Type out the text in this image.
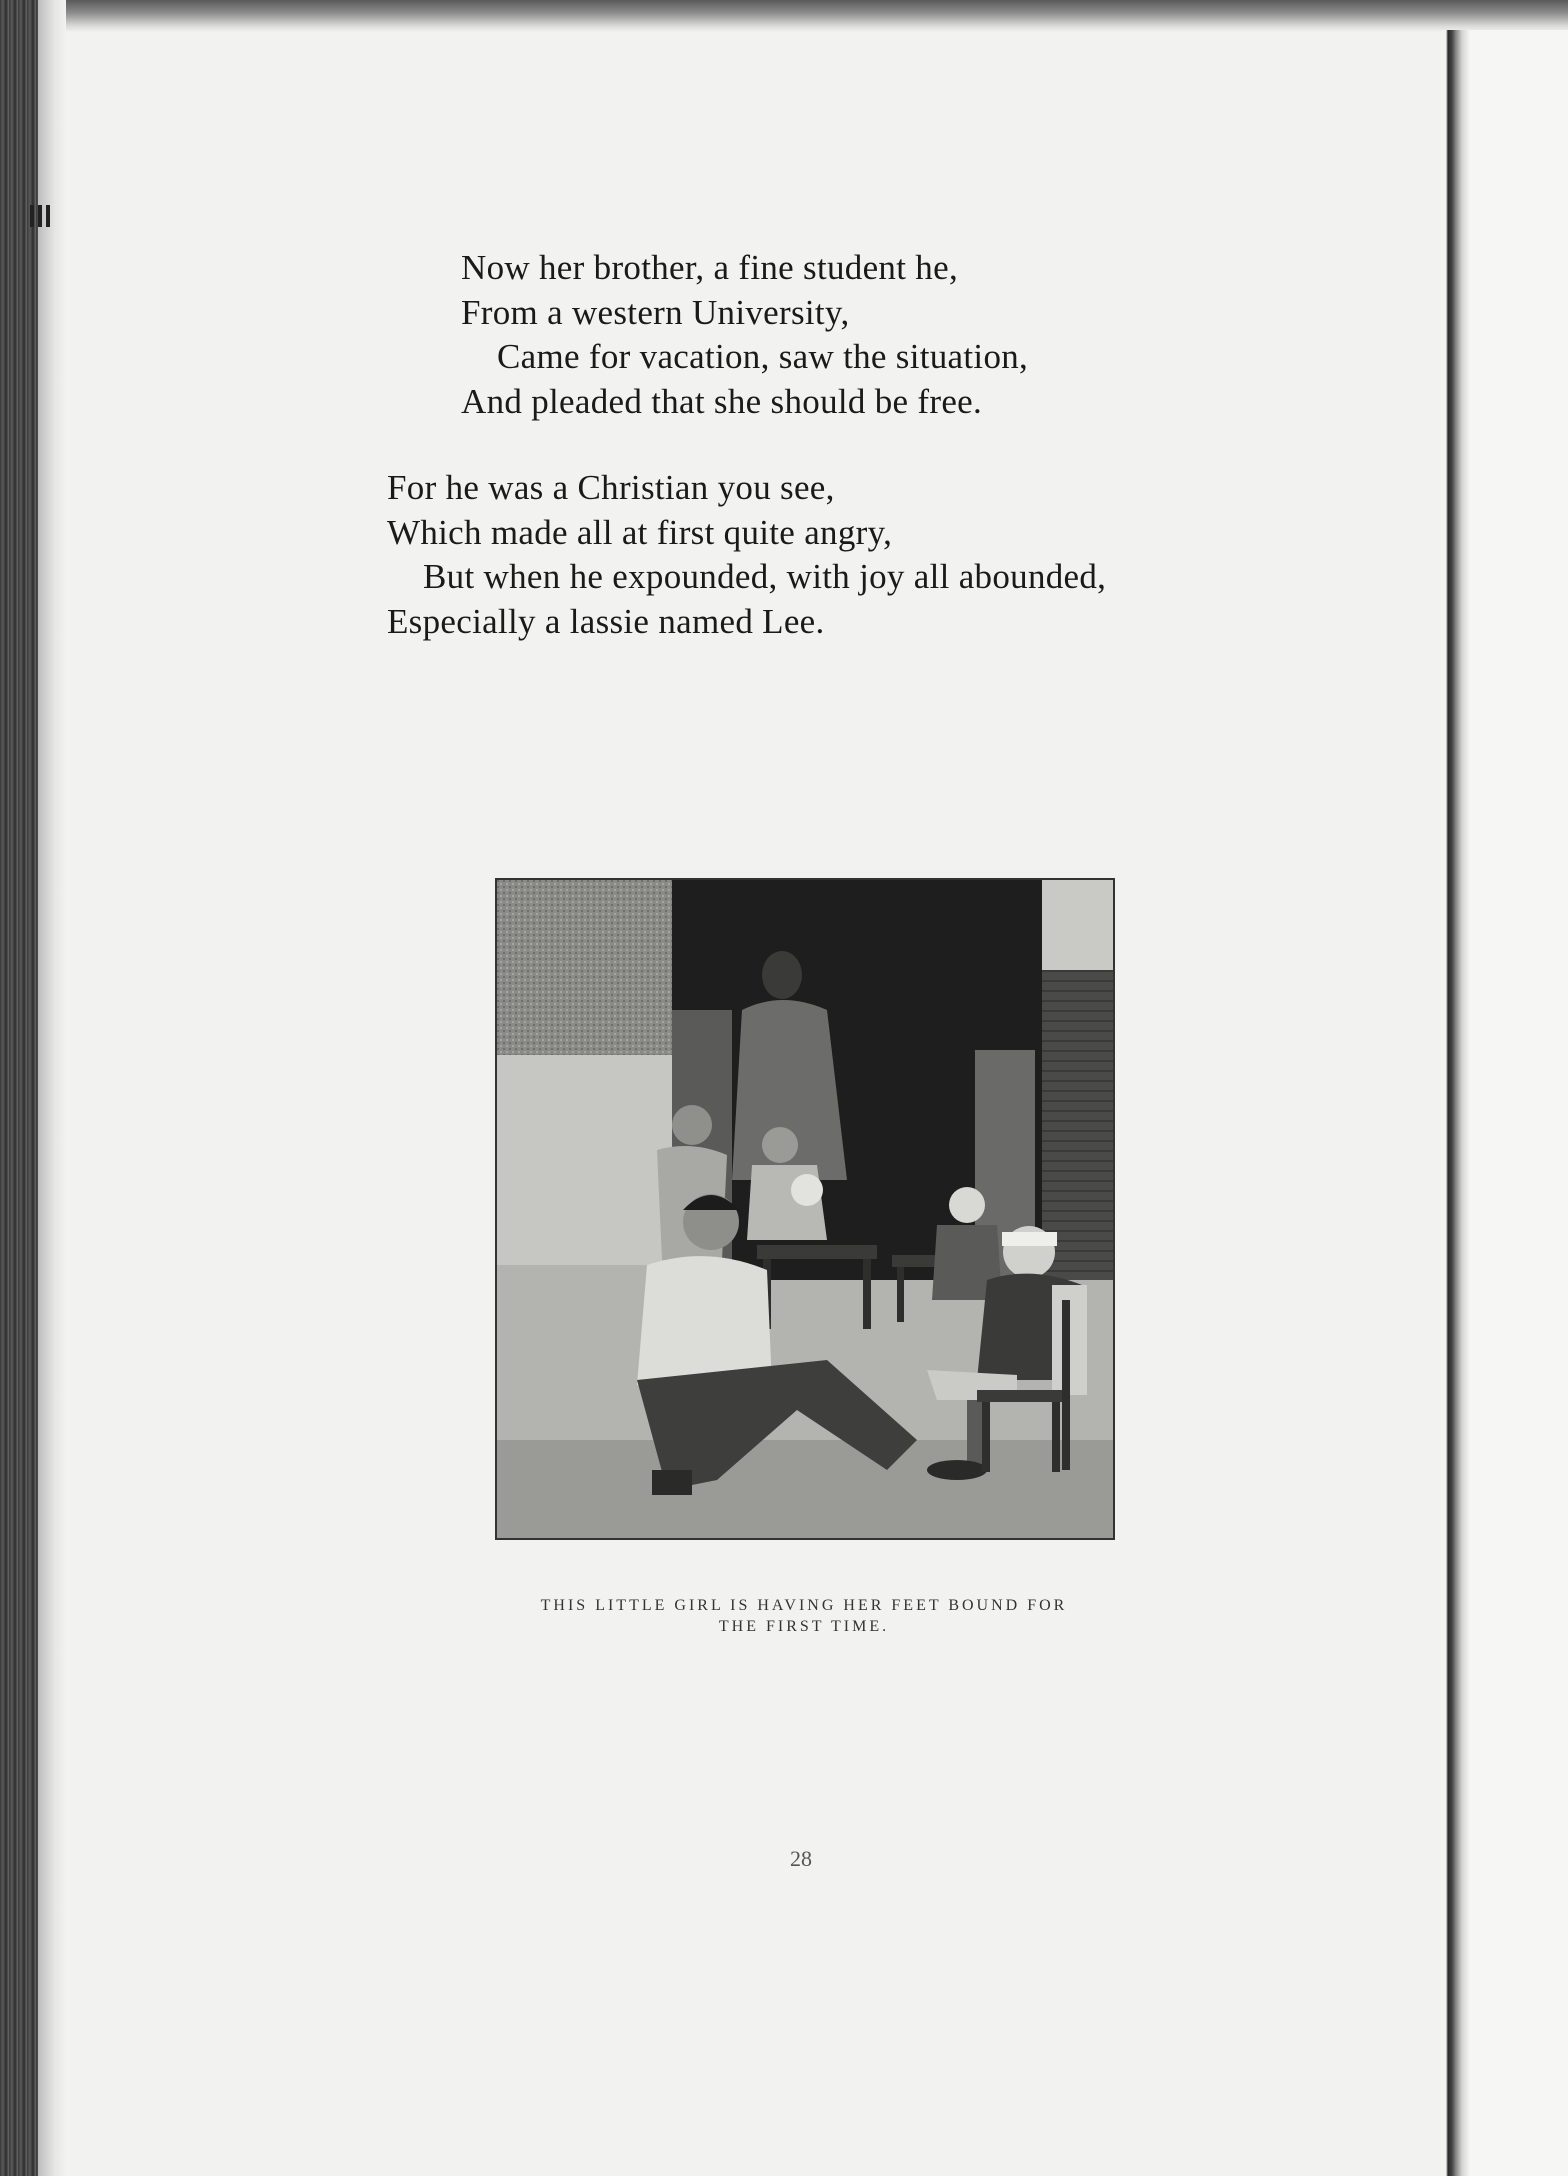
Now her brother, a fine student he,
From a western University,
Came for vacation, saw the situation,
And pleaded that she should be free.
For he was a Christian you see,
Which made all at first quite angry,
But when he expounded, with joy all abounded,
Especially a lassie named Lee.
THIS LITTLE GIRL IS HAVING HER FEET BOUND FOR
THE FIRST TIME.
28
